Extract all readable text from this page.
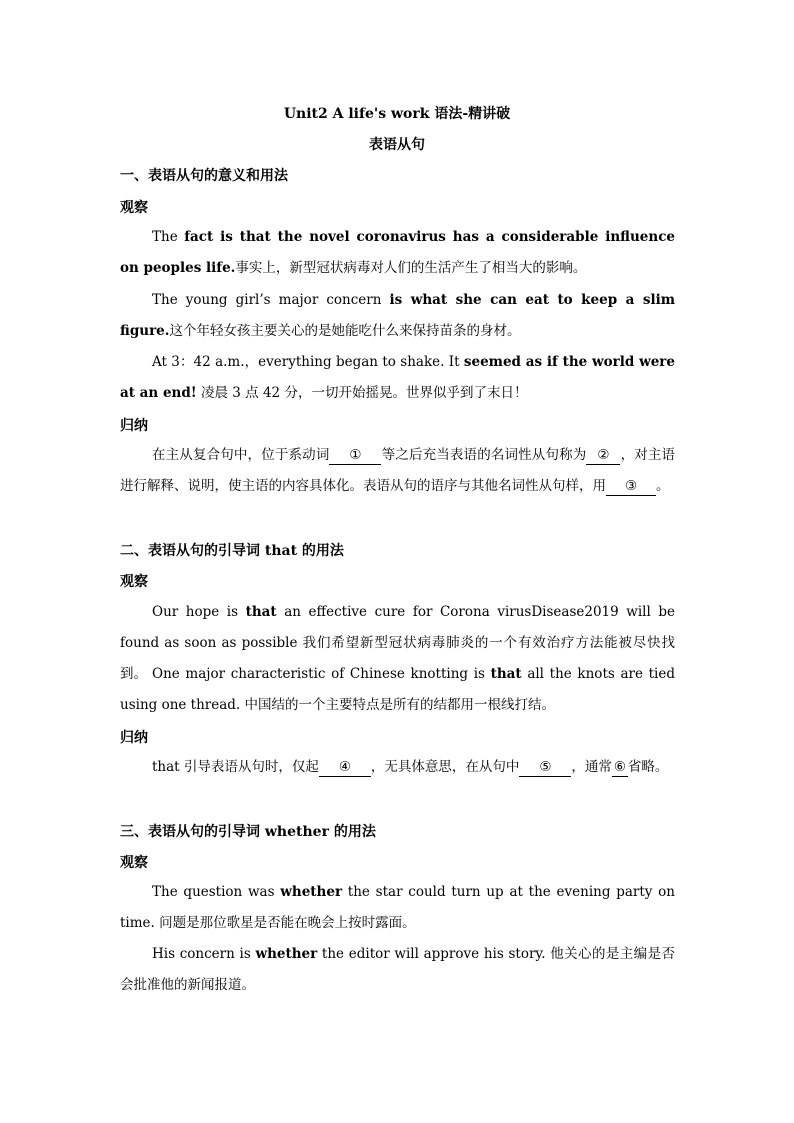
Unit2 A life's work 语法-精讲破
表语从句
一、表语从句的意义和用法
观察
The fact is that the novel coronavirus has a considerable influence on peoples life.事实上，新型冠状病毒对人们的生活产生了相当大的影响。
The young girl’s major concern is what she can eat to keep a slim figure.这个年轻女孩主要关心的是她能吃什么来保持苗条的身材。
At 3：42 a.m.，everything began to shake. It seemed as if the world were at an end! 凌晨 3 点 42 分，一切开始摇晃。世界似乎到了末日！
归纳
在主从复合句中，位于系动词 ① 等之后充当表语的名词性从句称为 ② ，对主语进行解释、说明，使主语的内容具体化。表语从句的语序与其他名词性从句样，用 ③ 。
二、表语从句的引导词 that 的用法
观察
Our hope is that an effective cure for Corona virusDisease2019 will be found as soon as possible 我们希望新型冠状病毒肺炎的一个有效治疗方法能被尽快找到。 One major characteristic of Chinese knotting is that all the knots are tied using one thread. 中国结的一个主要特点是所有的结都用一根线打结。
归纳
that 引导表语从句时，仅起 ④ ，无具体意思，在从句中 ⑤ ，通常 ⑥ 省略。
三、表语从句的引导词 whether 的用法
观察
The question was whether the star could turn up at the evening party on time. 问题是那位歌星是否能在晚会上按时露面。
His concern is whether the editor will approve his story. 他关心的是主编是否会批准他的新闻报道。
